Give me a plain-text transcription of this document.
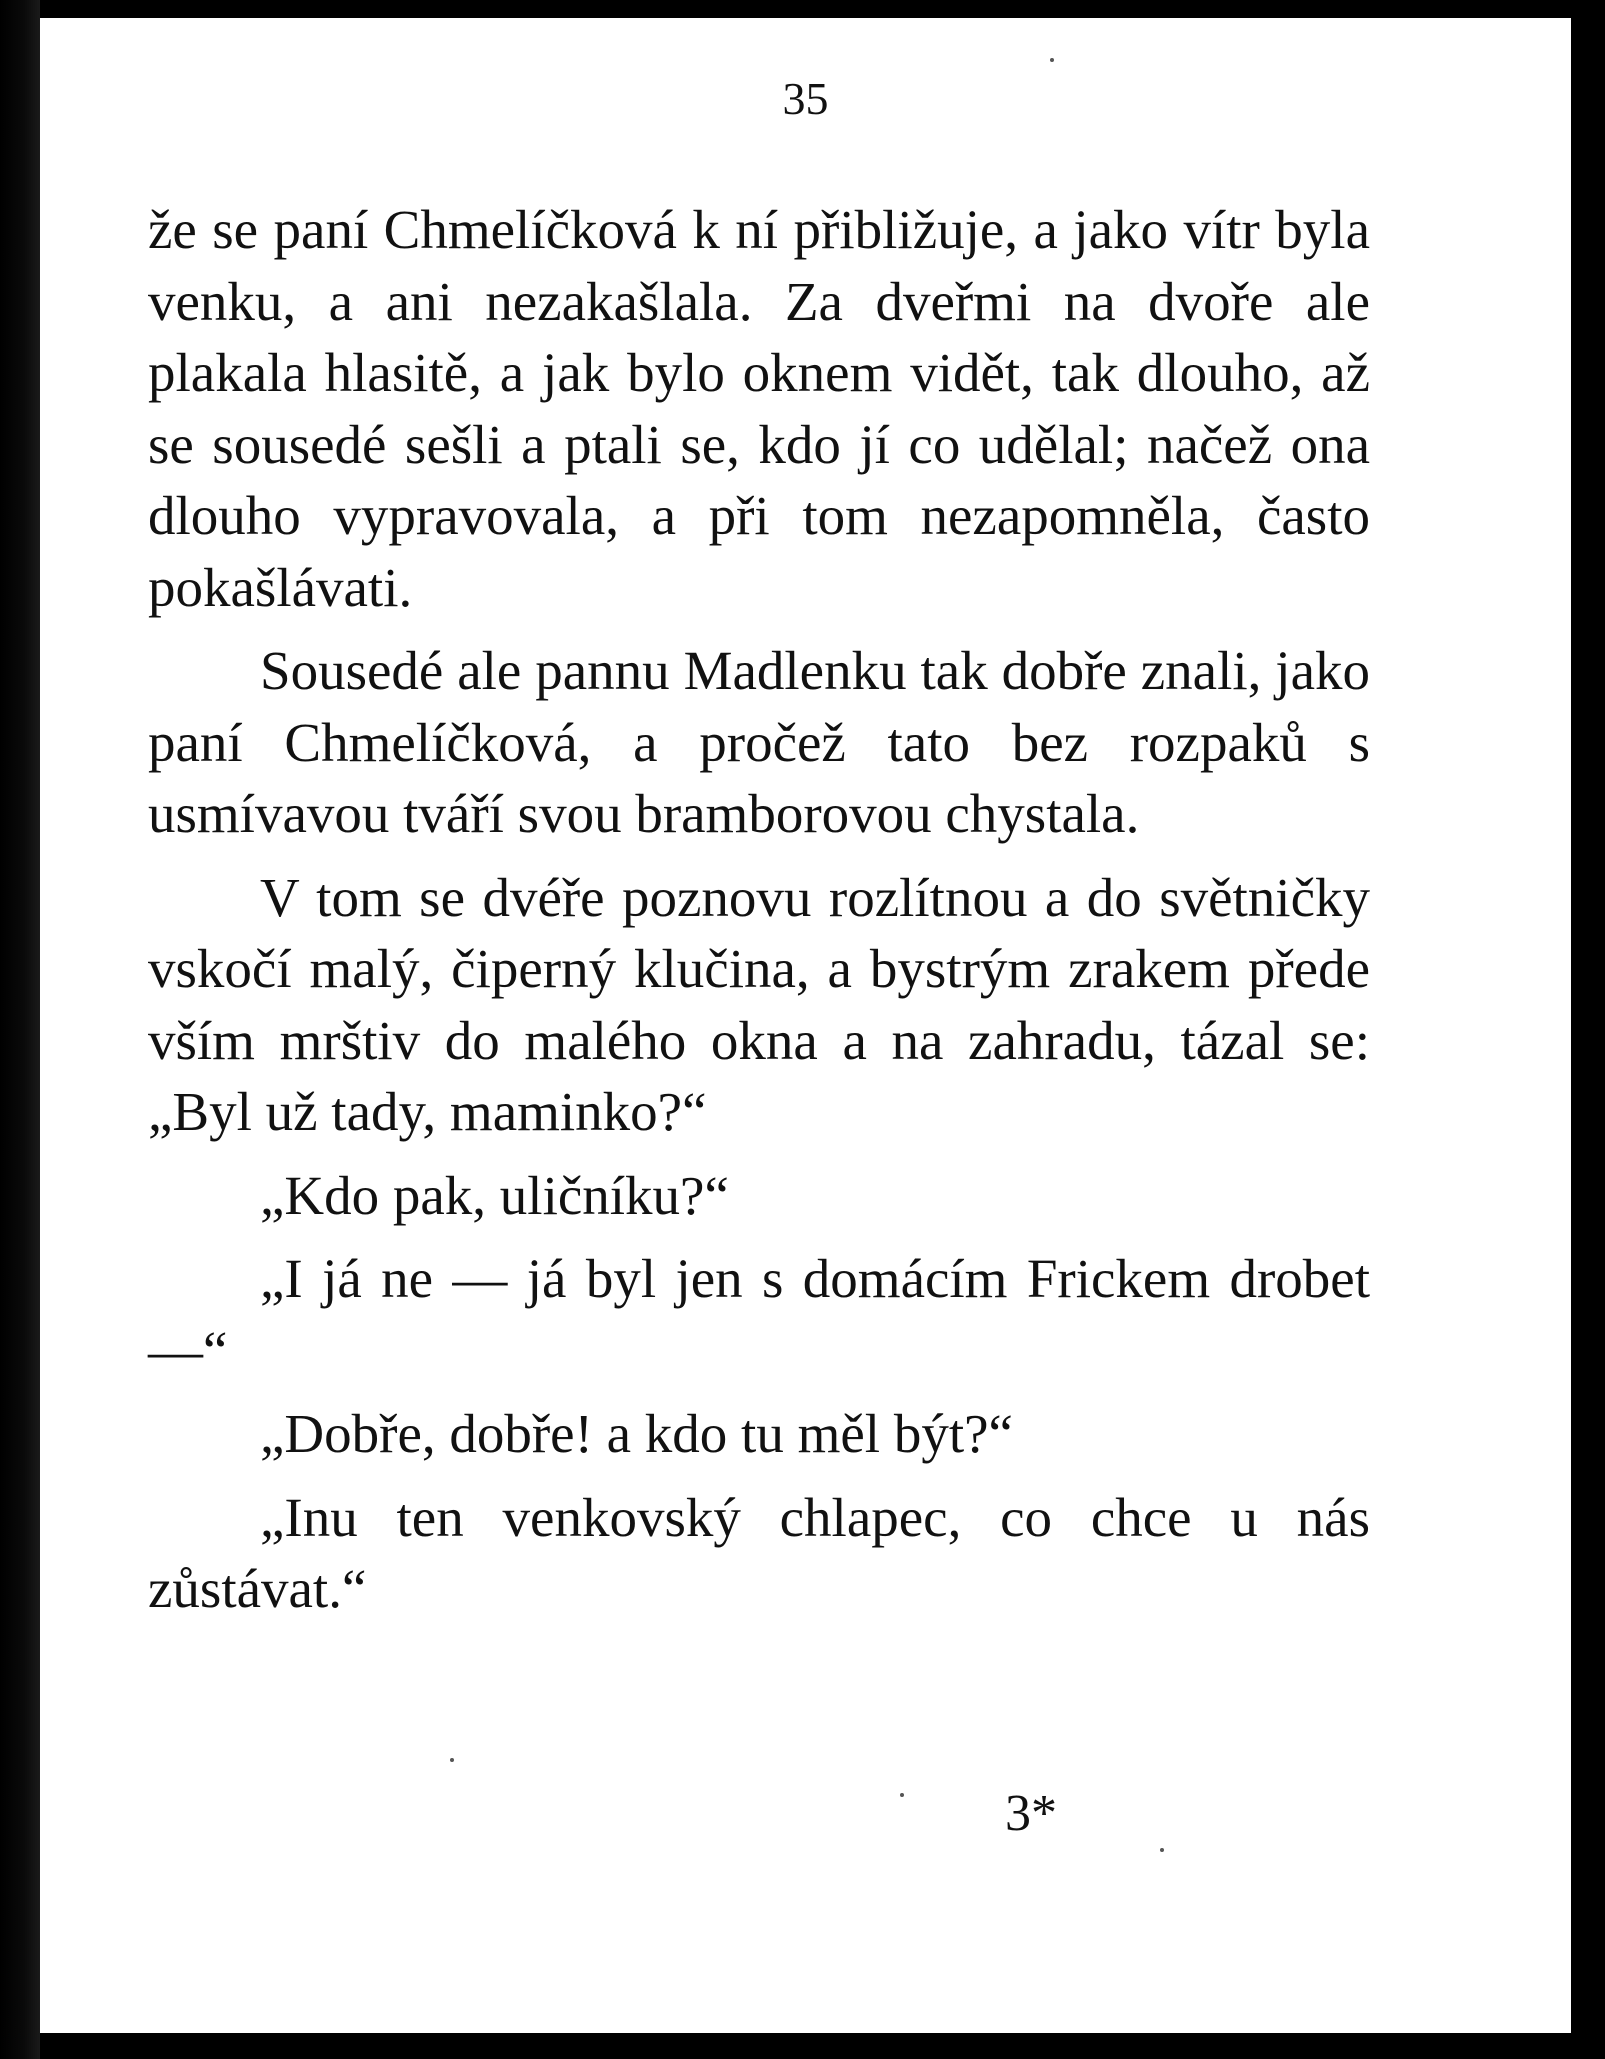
35

že se paní Chmelíčková k ní přibližuje, a jako vítr byla venku, a ani nezakašlala. Za dveřmi na dvoře ale plakala hlasitě, a jak bylo oknem vidět, tak dlouho, až se sousedé sešli a ptali se, kdo jí co udělal; načež ona dlouho vypravovala, a při tom nezapomněla, často pokašlávati.

Sousedé ale pannu Madlenku tak dobře znali, jako paní Chmelíčková, a pročež tato bez rozpaků s usmívavou tváří svou bramborovou chystala.

V tom se dvéře poznovu rozlítnou a do světničky vskočí malý, čiperný klučina, a bystrým zrakem přede vším mrštiv do malého okna a na zahradu, tázal se: „Byl už tady, maminko?“

„Kdo pak, uličníku?“

„I já ne — já byl jen s domácím Frickem drobet —“

„Dobře, dobře! a kdo tu měl být?“

„Inu ten venkovský chlapec, co chce u nás zůstávat.“

3*
